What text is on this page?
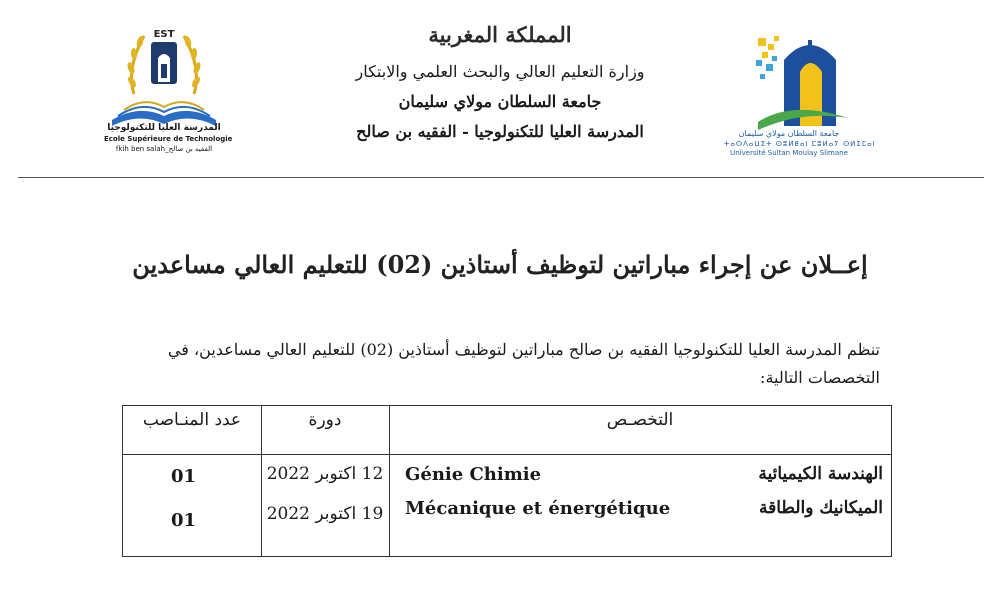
EST
المدرسة العليا للتكنولوجيا
Ecole Supérieure de Technologie
fkih ben salah_الفقيه بن صالح
المملكة المغربية
وزارة التعليم العالي والبحث العلمي والابتكار
جامعة السلطان مولاي سليمان
المدرسة العليا للتكنولوجيا - الفقيه بن صالح	جامعة السلطان مولاي سليمان
ⵜⴰⵙⴷⴰⵡⵉⵜ ⵙⵓⵍⵟⴰⵏ ⵎⵓⵍⴰⵢ ⵙⵍⵉⵎⴰⵏ
Université Sultan Moulay Slimane
إعــلان عن إجراء مباراتين لتوظيف أستاذين (02) للتعليم العالي مساعدين
تنظم المدرسة العليا للتكنولوجيا الفقيه بن صالح مباراتين لتوظيف أستاذين (02) للتعليم العالي مساعدين، في التخصصات التالية:
عدد المنـاصب	دورة	التخصـص
01	12 اكتوبر 2022	Génie Chimie	الهندسة الكيميائية
01	19 اكتوبر 2022	Mécanique et énergétique	الميكانيك والطاقة
